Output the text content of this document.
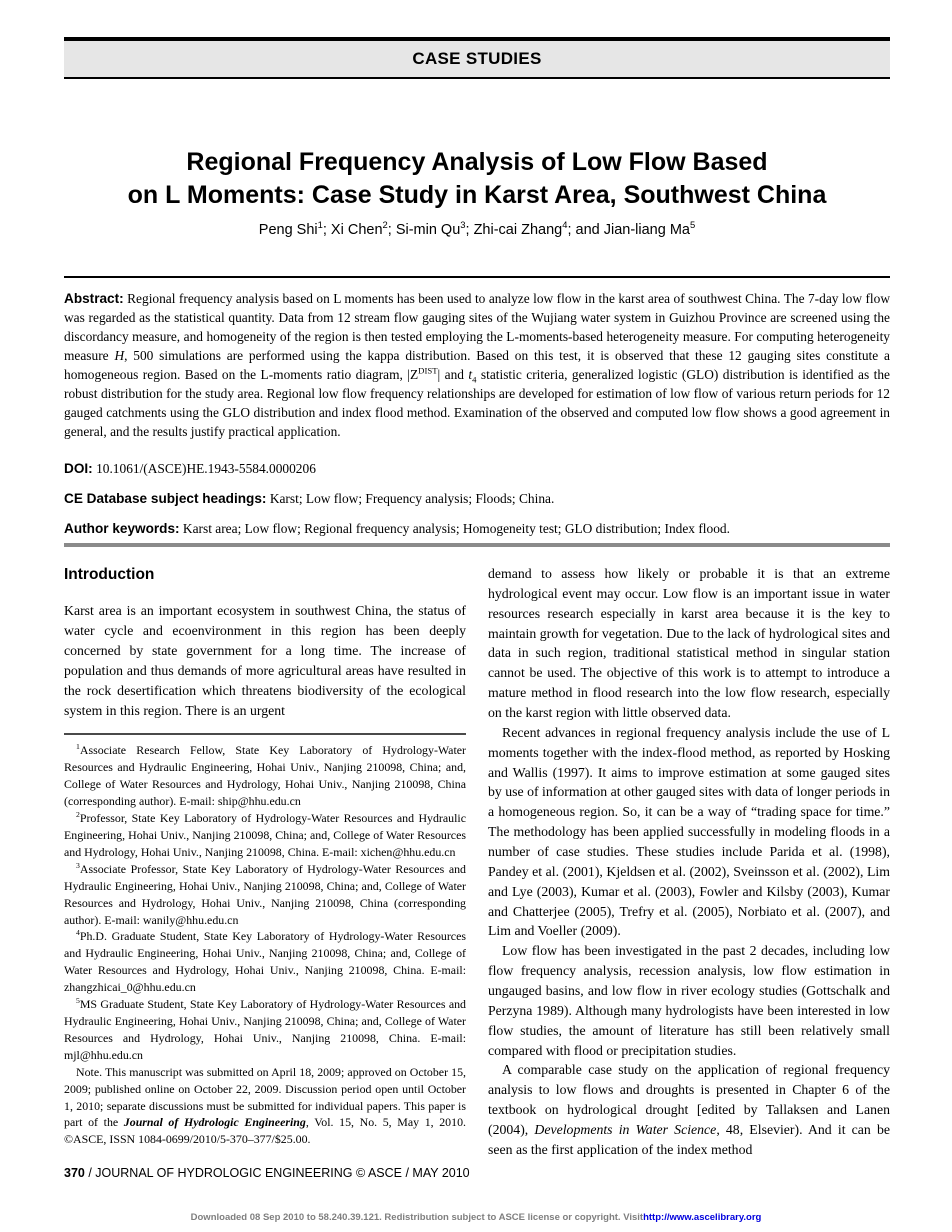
CASE STUDIES
Regional Frequency Analysis of Low Flow Based
on L Moments: Case Study in Karst Area, Southwest China
Peng Shi$^1$; Xi Chen$^2$; Si-min Qu$^3$; Zhi-cai Zhang$^4$; and Jian-liang Ma$^5$
Abstract: Regional frequency analysis based on L moments has been used to analyze low flow in the karst area of southwest China. The 7-day low flow was regarded as the statistical quantity. Data from 12 stream flow gauging sites of the Wujiang water system in Guizhou Province are screened using the discordancy measure, and homogeneity of the region is then tested employing the L-moments-based heterogeneity measure. For computing heterogeneity measure H, 500 simulations are performed using the kappa distribution. Based on this test, it is observed that these 12 gauging sites constitute a homogeneous region. Based on the L-moments ratio diagram, $|Z^{DIST}|$ and $t_4$ statistic criteria, generalized logistic (GLO) distribution is identified as the robust distribution for the study area. Regional low flow frequency relationships are developed for estimation of low flow of various return periods for 12 gauged catchments using the GLO distribution and index flood method. Examination of the observed and computed low flow shows a good agreement in general, and the results justify practical application.
DOI: 10.1061/(ASCE)HE.1943-5584.0000206
CE Database subject headings: Karst; Low flow; Frequency analysis; Floods; China.
Author keywords: Karst area; Low flow; Regional frequency analysis; Homogeneity test; GLO distribution; Index flood.
Introduction

Karst area is an important ecosystem in southwest China, the status of water cycle and ecoenvironment in this region has been deeply concerned by state government for a long time. The increase of population and thus demands of more agricultural areas have resulted in the rock desertification which threatens biodiversity of the ecological system in this region. There is an urgent

$^1$Associate Research Fellow, State Key Laboratory of Hydrology-Water Resources and Hydraulic Engineering, Hohai Univ., Nanjing 210098, China; and, College of Water Resources and Hydrology, Hohai Univ., Nanjing 210098, China (corresponding author). E-mail: ship@hhu.edu.cn

$^2$Professor, State Key Laboratory of Hydrology-Water Resources and Hydraulic Engineering, Hohai Univ., Nanjing 210098, China; and, College of Water Resources and Hydrology, Hohai Univ., Nanjing 210098, China. E-mail: xichen@hhu.edu.cn

$^3$Associate Professor, State Key Laboratory of Hydrology-Water Resources and Hydraulic Engineering, Hohai Univ., Nanjing 210098, China; and, College of Water Resources and Hydrology, Hohai Univ., Nanjing 210098, China (corresponding author). E-mail: wanily@hhu.edu.cn

$^4$Ph.D. Graduate Student, State Key Laboratory of Hydrology-Water Resources and Hydraulic Engineering, Hohai Univ., Nanjing 210098, China; and, College of Water Resources and Hydrology, Hohai Univ., Nanjing 210098, China. E-mail: zhangzhicai_0@hhu.edu.cn

$^5$MS Graduate Student, State Key Laboratory of Hydrology-Water Resources and Hydraulic Engineering, Hohai Univ., Nanjing 210098, China; and, College of Water Resources and Hydrology, Hohai Univ., Nanjing 210098, China. E-mail: mjl@hhu.edu.cn

Note. This manuscript was submitted on April 18, 2009; approved on October 15, 2009; published online on October 22, 2009. Discussion period open until October 1, 2010; separate discussions must be submitted for individual papers. This paper is part of the Journal of Hydrologic Engineering, Vol. 15, No. 5, May 1, 2010. ©ASCE, ISSN 1084-0699/2010/5-370–377/$25.00.

demand to assess how likely or probable it is that an extreme hydrological event may occur. Low flow is an important issue in water resources research especially in karst area because it is the key to maintain growth for vegetation. Due to the lack of hydrological sites and data in such region, traditional statistical method in singular station cannot be used. The objective of this work is to attempt to introduce a mature method in flood research into the low flow research, especially on the karst region with little observed data.

Recent advances in regional frequency analysis include the use of L moments together with the index-flood method, as reported by Hosking and Wallis (1997). It aims to improve estimation at some gauged sites by use of information at other gauged sites with data of longer periods in a homogeneous region. So, it can be a way of “trading space for time.” The methodology has been applied successfully in modeling floods in a number of case studies. These studies include Parida et al. (1998), Pandey et al. (2001), Kjeldsen et al. (2002), Sveinsson et al. (2002), Lim and Lye (2003), Kumar et al. (2003), Fowler and Kilsby (2003), Kumar and Chatterjee (2005), Trefry et al. (2005), Norbiato et al. (2007), and Lim and Voeller (2009).

Low flow has been investigated in the past 2 decades, including low flow frequency analysis, recession analysis, low flow estimation in ungauged basins, and low flow in river ecology studies (Gottschalk and Perzyna 1989). Although many hydrologists have been interested in low flow studies, the amount of literature has still been relatively small compared with flood or precipitation studies.

A comparable case study on the application of regional frequency analysis to low flows and droughts is presented in Chapter 6 of the textbook on hydrological drought [edited by Tallaksen and Lanen (2004), Developments in Water Science, 48, Elsevier). And it can be seen as the first application of the index method

370 / JOURNAL OF HYDROLOGIC ENGINEERING © ASCE / MAY 2010
Downloaded 08 Sep 2010 to 58.240.39.121. Redistribution subject to ASCE license or copyright. Visithttp://www.ascelibrary.org
